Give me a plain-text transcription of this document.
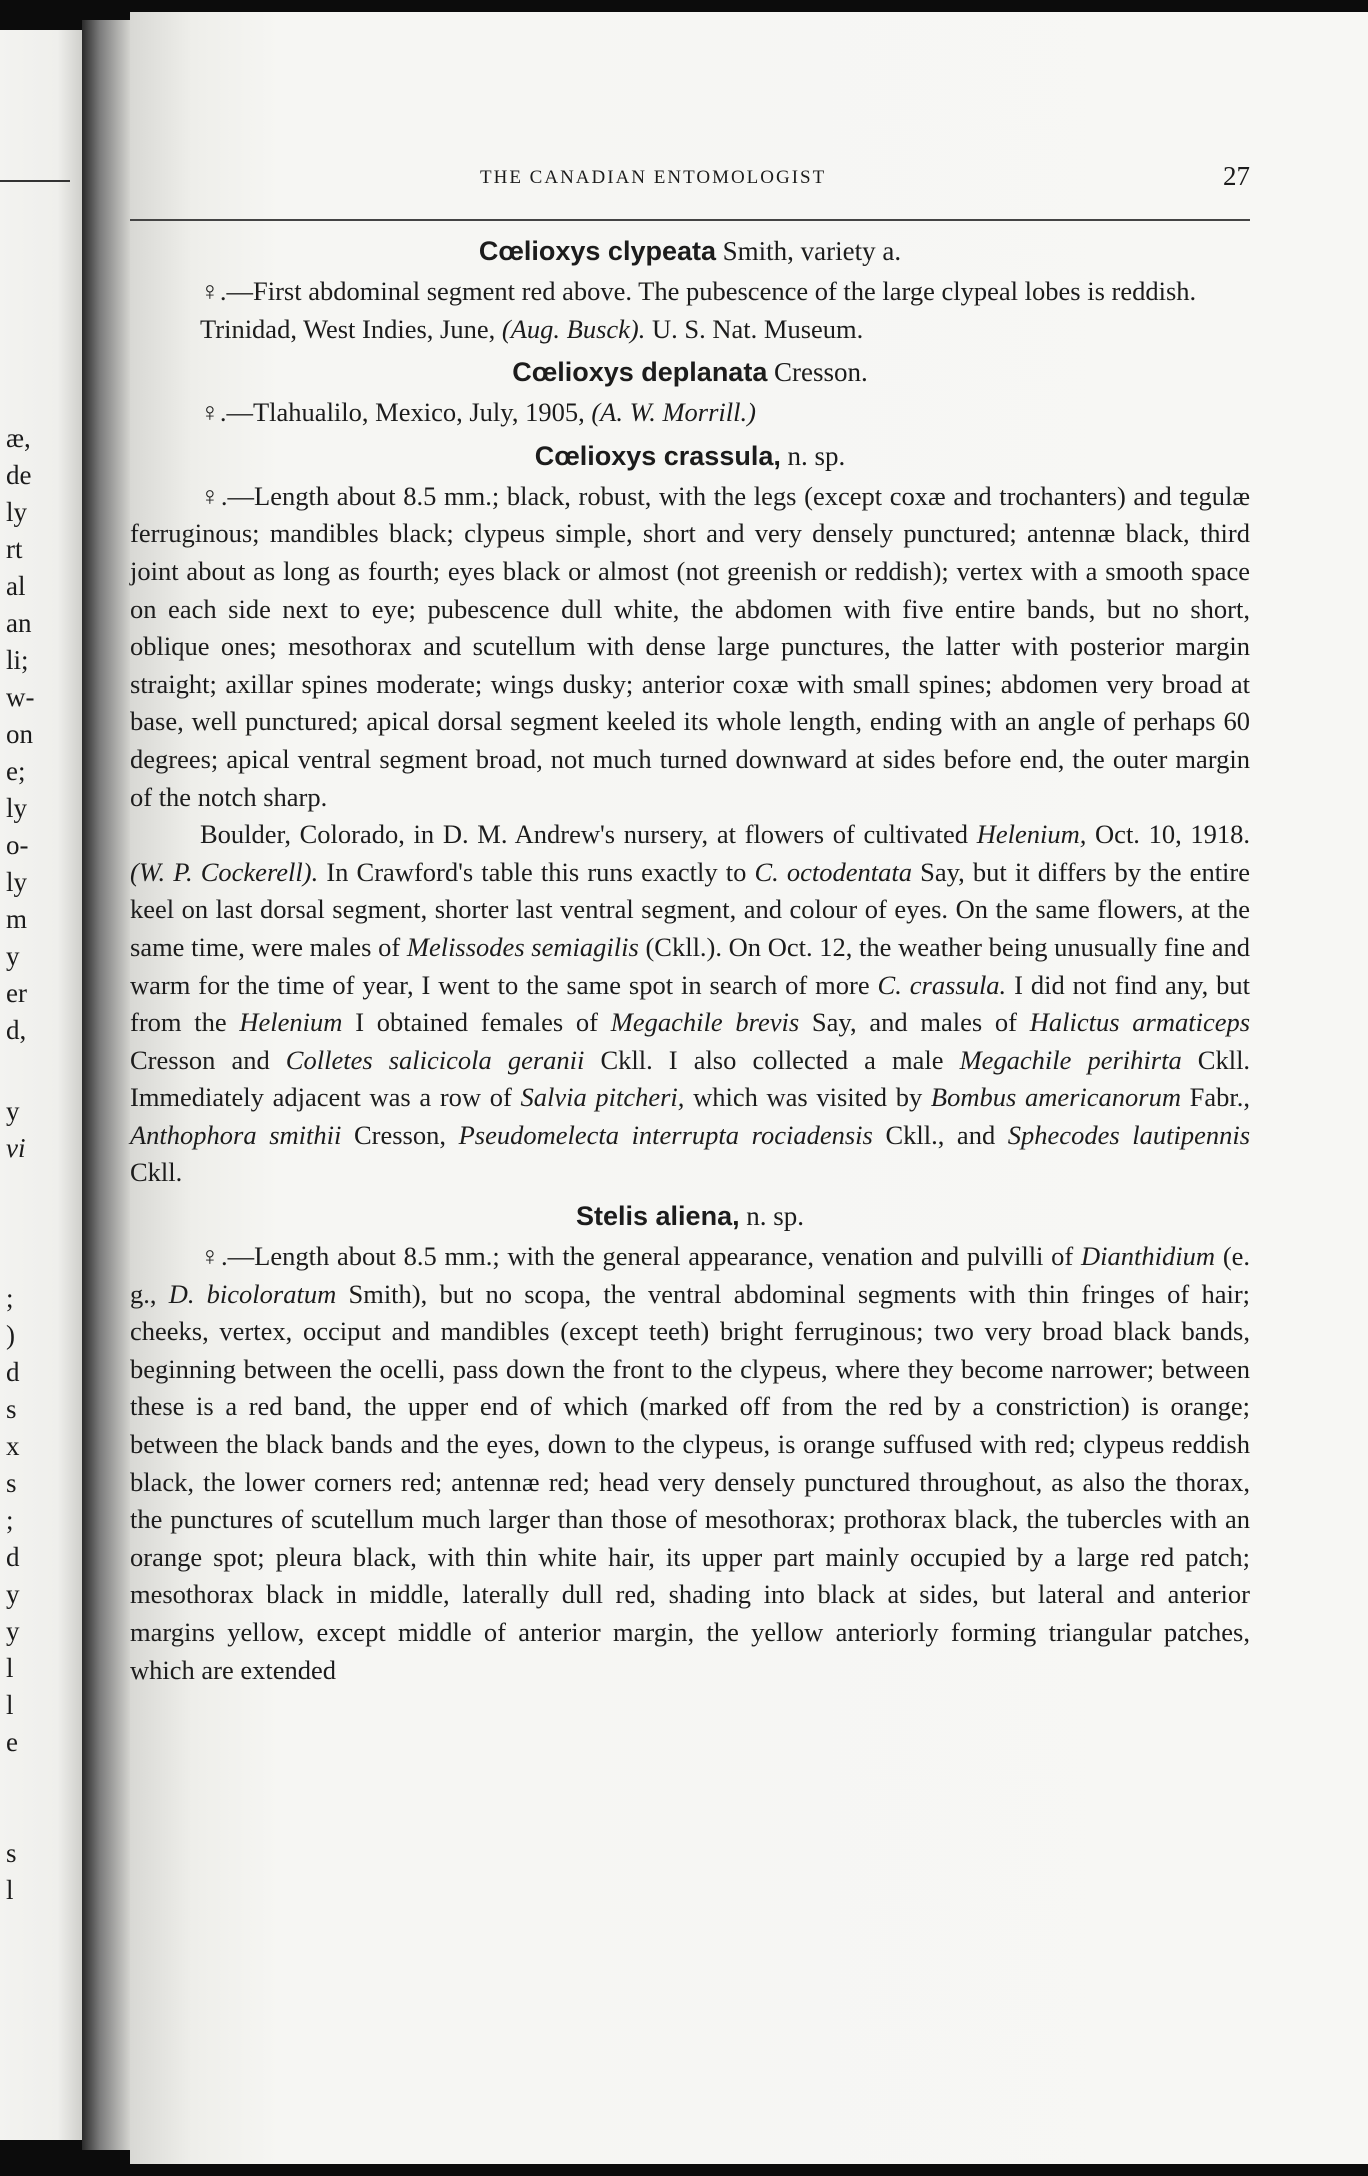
æ,
de
ly
rt
al
an
li;
w-
on
e;
ly
o-
ly
m
y
er
d,
y
vi
;
)
d
s
x
s
;
d
y
y
l
l
e
s
l
THE CANADIAN ENTOMOLOGIST	27
Cœlioxys clypeata Smith, variety a.

♀.—First abdominal segment red above. The pubescence of the large clypeal lobes is reddish.

Trinidad, West Indies, June, (Aug. Busck). U. S. Nat. Museum.

Cœlioxys deplanata Cresson.

♀.—Tlahualilo, Mexico, July, 1905, (A. W. Morrill.)

Cœlioxys crassula, n. sp.

♀.—Length about 8.5 mm.; black, robust, with the legs (except coxæ and trochanters) and tegulæ ferruginous; mandibles black; clypeus simple, short and very densely punctured; antennæ black, third joint about as long as fourth; eyes black or almost (not greenish or reddish); vertex with a smooth space on each side next to eye; pubescence dull white, the abdomen with five entire bands, but no short, oblique ones; mesothorax and scutellum with dense large punctures, the latter with posterior margin straight; axillar spines moderate; wings dusky; anterior coxæ with small spines; abdomen very broad at base, well punctured; apical dorsal segment keeled its whole length, ending with an angle of perhaps 60 degrees; apical ventral segment broad, not much turned downward at sides before end, the outer margin of the notch sharp.

Boulder, Colorado, in D. M. Andrew's nursery, at flowers of cultivated Helenium, Oct. 10, 1918. (W. P. Cockerell). In Crawford's table this runs exactly to C. octodentata Say, but it differs by the entire keel on last dorsal segment, shorter last ventral segment, and colour of eyes. On the same flowers, at the same time, were males of Melissodes semiagilis (Ckll.). On Oct. 12, the weather being unusually fine and warm for the time of year, I went to the same spot in search of more C. crassula. I did not find any, but from the Helenium I obtained females of Megachile brevis Say, and males of Halictus armaticeps Cresson and Colletes salicicola geranii Ckll. I also collected a male Megachile perihirta Ckll. Immediately adjacent was a row of Salvia pitcheri, which was visited by Bombus americanorum Fabr., Anthophora smithii Cresson, Pseudomelecta interrupta rociadensis Ckll., and Sphecodes lautipennis Ckll.

Stelis aliena, n. sp.

♀.—Length about 8.5 mm.; with the general appearance, venation and pulvilli of Dianthidium (e. g., D. bicoloratum Smith), but no scopa, the ventral abdominal segments with thin fringes of hair; cheeks, vertex, occiput and mandibles (except teeth) bright ferruginous; two very broad black bands, beginning between the ocelli, pass down the front to the clypeus, where they become narrower; between these is a red band, the upper end of which (marked off from the red by a constriction) is orange; between the black bands and the eyes, down to the clypeus, is orange suffused with red; clypeus reddish black, the lower corners red; antennæ red; head very densely punctured throughout, as also the thorax, the punctures of scutellum much larger than those of mesothorax; prothorax black, the tubercles with an orange spot; pleura black, with thin white hair, its upper part mainly occupied by a large red patch; mesothorax black in middle, laterally dull red, shading into black at sides, but lateral and anterior margins yellow, except middle of anterior margin, the yellow anteriorly forming triangular patches, which are extended
